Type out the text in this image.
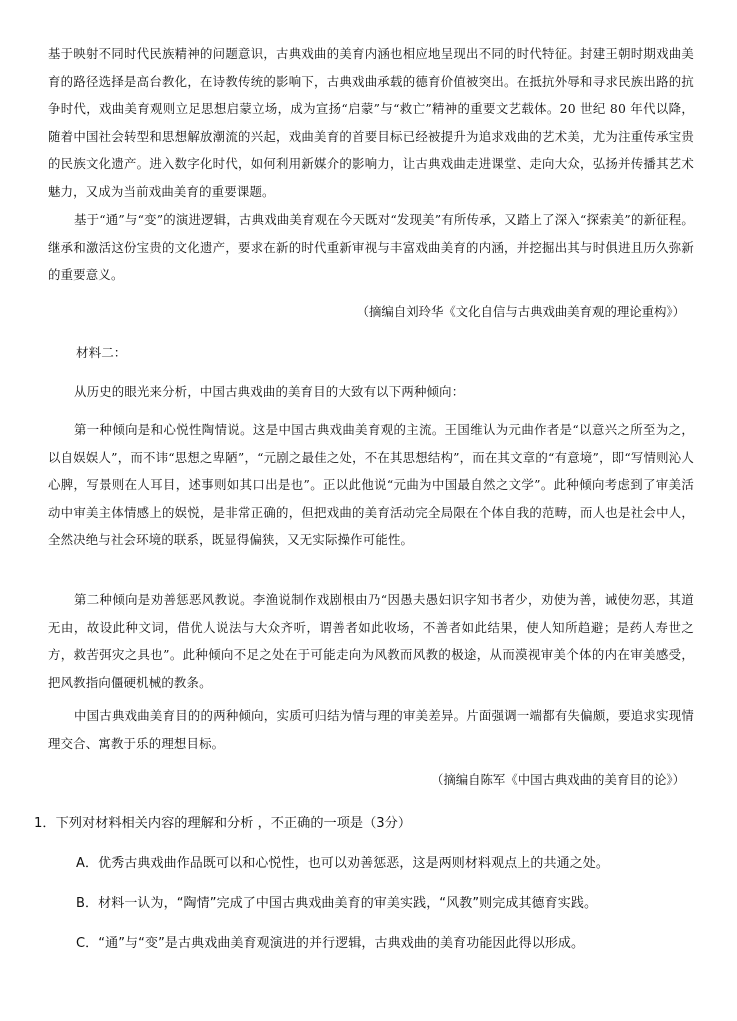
基于映射不同时代民族精神的问题意识，古典戏曲的美育内涵也相应地呈现出不同的时代特征。封建王朝时期戏曲美育的路径选择是高台教化，在诗教传统的影响下，古典戏曲承载的德育价值被突出。在抵抗外辱和寻求民族出路的抗争时代，戏曲美育观则立足思想启蒙立场，成为宣扬“启蒙”与“救亡”精神的重要文艺载体。20 世纪 80 年代以降，随着中国社会转型和思想解放潮流的兴起，戏曲美育的首要目标已经被提升为追求戏曲的艺术美，尤为注重传承宝贵的民族文化遗产。进入数字化时代，如何利用新媒介的影响力，让古典戏曲走进课堂、走向大众，弘扬并传播其艺术魅力，又成为当前戏曲美育的重要课题。

基于“通”与“变”的演进逻辑，古典戏曲美育观在今天既对“发现美”有所传承，又踏上了深入“探索美”的新征程。继承和激活这份宝贵的文化遗产，要求在新的时代重新审视与丰富戏曲美育的内涵，并挖掘出其与时俱进且历久弥新的重要意义。

（摘编自刘玲华《文化自信与古典戏曲美育观的理论重构》）

材料二：

从历史的眼光来分析，中国古典戏曲的美育目的大致有以下两种倾向：

第一种倾向是和心悦性陶情说。这是中国古典戏曲美育观的主流。王国维认为元曲作者是“以意兴之所至为之，以自娱娱人”，而不讳“思想之卑陋”，“元剧之最佳之处，不在其思想结构”，而在其文章的“有意境”，即“写情则沁人心脾，写景则在人耳目，述事则如其口出是也”。正以此他说“元曲为中国最自然之文学”。此种倾向考虑到了审美活动中审美主体情感上的娱悦，是非常正确的，但把戏曲的美育活动完全局限在个体自我的范畴，而人也是社会中人，全然决绝与社会环境的联系，既显得偏狭，又无实际操作可能性。

第二种倾向是劝善惩恶风教说。李渔说制作戏剧根由乃“因愚夫愚妇识字知书者少，劝使为善，诫使勿恶，其道无由，故设此种文词，借优人说法与大众齐听，谓善者如此收场，不善者如此结果，使人知所趋避；是药人寿世之方，救苦弭灾之具也”。此种倾向不足之处在于可能走向为风教而风教的极途，从而漠视审美个体的内在审美感受，把风教指向僵硬机械的教条。

中国古典戏曲美育目的的两种倾向，实质可归结为情与理的审美差异。片面强调一端都有失偏颇，要追求实现情理交合、寓教于乐的理想目标。

（摘编自陈军《中国古典戏曲的美育目的论》）

1．下列对材料相关内容的理解和分析 ，不正确的一项是（3分）

A．优秀古典戏曲作品既可以和心悦性，也可以劝善惩恶，这是两则材料观点上的共通之处。

B．材料一认为，“陶情”完成了中国古典戏曲美育的审美实践，“风教”则完成其德育实践。

C．“通”与“变”是古典戏曲美育观演进的并行逻辑，古典戏曲的美育功能因此得以形成。
